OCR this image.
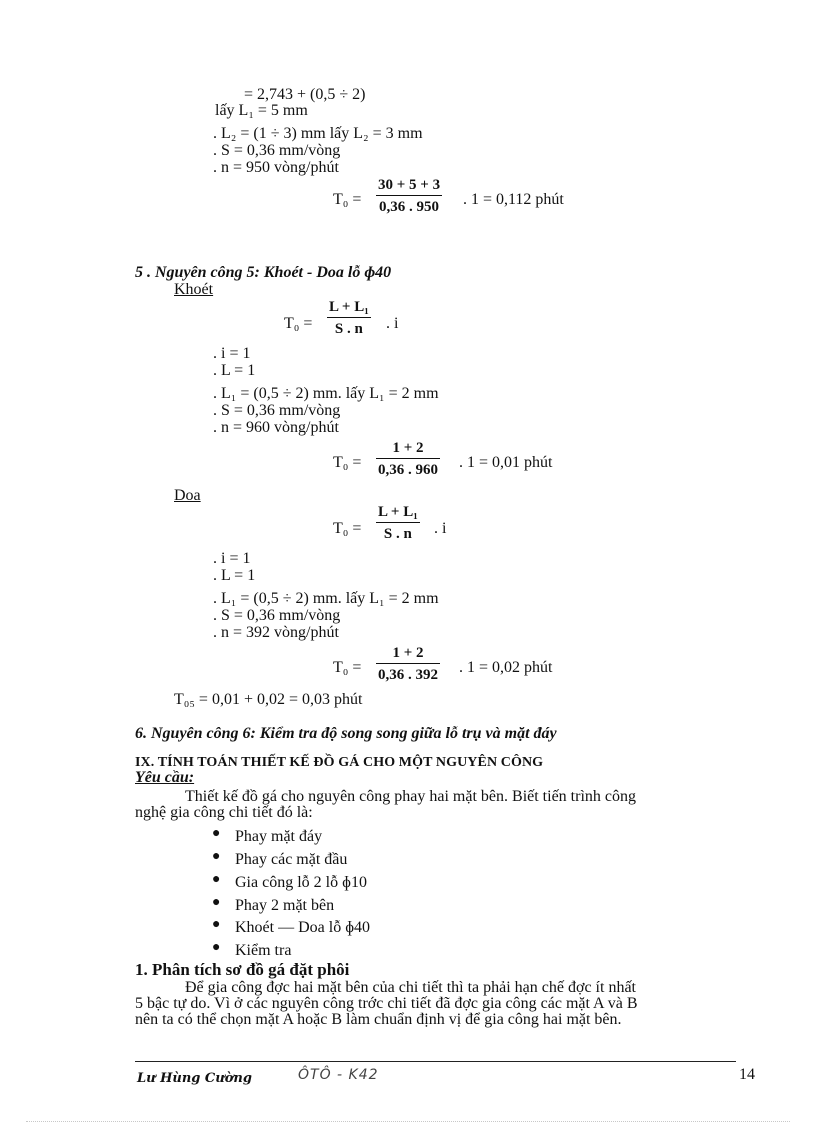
= 2,743 + (0,5 ÷ 2)
lấy L₁ = 5 mm
. L₂ = (1 ÷ 3) mm lấy L₂ = 3 mm
. S = 0,36 mm/vòng
. n = 950 vòng/phút
T₀ =
30 + 5 + 3
0,36 . 950 . 1 = 0,112 phút
5 . Nguyên công 5: Khoét - Doa lỗ ɸ40
Khoét
T₀ =
L + L₁
S . n . i
. i = 1
. L = 1
. L₁ = (0,5 ÷ 2) mm. lấy L₁ = 2 mm
. S = 0,36 mm/vòng
. n = 960 vòng/phút
T₀ =
1 + 2
0,36 . 960 . 1 = 0,01 phút
Doa
T₀ =
L + L₁
S . n . i
. i = 1
. L = 1
. L₁ = (0,5 ÷ 2) mm. lấy L₁ = 2 mm
. S = 0,36 mm/vòng
. n = 392 vòng/phút
T₀ =
1 + 2
0,36 . 392 . 1 = 0,02 phút
T₀₅ = 0,01 + 0,02 = 0,03 phút
6. Nguyên công 6: Kiểm tra độ song song giữa lỗ trụ và mặt đáy
IX. TÍNH TOÁN THIẾT KẾ ĐỒ GÁ CHO MỘT NGUYÊN CÔNG
Yêu cầu:
Thiết kế đồ gá cho nguyên công phay hai mặt bên. Biết tiến trình công
nghệ gia công chi tiết đó là:
● Phay mặt đáy
● Phay các mặt đầu
● Gia công lỗ 2 lỗ ɸ10
● Phay 2 mặt bên
● Khoét — Doa lỗ ɸ40
● Kiểm tra
1. Phân tích sơ đồ gá đặt phôi
Để gia công đợc hai mặt bên của chi tiết thì ta phải hạn chế đợc ít nhất
5 bậc tự do. Vì ở các nguyên công trớc chi tiết đã đợc gia công các mặt A và B
nên ta có thể chọn mặt A hoặc B làm chuẩn định vị để gia công hai mặt bên.
Lư Hùng Cường	ÔTÔ - K42	14
